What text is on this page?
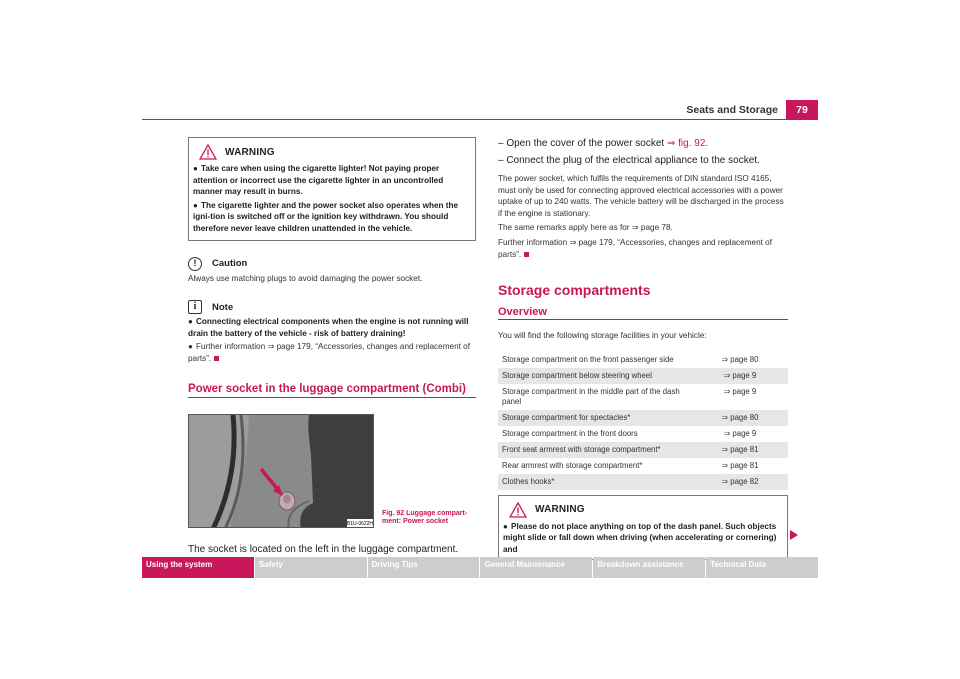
Seats and Storage	79
WARNING
● Take care when using the cigarette lighter! Not paying proper attention or incorrect use the cigarette lighter in an uncontrolled manner may result in burns.
● The cigarette lighter and the power socket also operates when the igni-tion is switched off or the ignition key withdrawn. You should therefore never leave children unattended in the vehicle.
!	Caution
Always use matching plugs to avoid damaging the power socket.
i	Note
● Connecting electrical components when the engine is not running will drain the battery of the vehicle - risk of battery draining!
● Further information ⇒ page 179, “Accessories, changes and replacement of parts”.
Power socket in the luggage compartment (Combi)
B1U-0622H
Fig. 92 Luggage compart-
ment: Power socket
The socket is located on the left in the luggage compartment.
– Open the cover of the power socket ⇒ fig. 92.
– Connect the plug of the electrical appliance to the socket.
The power socket, which fulfils the requirements of DIN standard ISO 4165, must only be used for connecting approved electrical accessories with a power uptake of up to 240 watts. The vehicle battery will be discharged in the process if the engine is stationary.
The same remarks apply here as for ⇒ page 78.
Further information ⇒ page 179, “Accessories, changes and replacement of parts”.
Storage compartments
Overview
You will find the following storage facilities in your vehicle:
Storage compartment on the front passenger side	⇒ page 80
Storage compartment below steering wheel	⇒ page 9
Storage compartment in the middle part of the dash panel	⇒ page 9
Storage compartment for spectacles*	⇒ page 80
Storage compartment in the front doors	⇒ page 9
Front seat armrest with storage compartment*	⇒ page 81
Rear armrest with storage compartment*	⇒ page 81
Clothes hooks*	⇒ page 82
WARNING
● Please do not place anything on top of the dash panel. Such objects might slide or fall down when driving (when accelerating or cornering) and
Using the system	Safety	Driving Tips	General Maintenance	Breakdown assistance	Technical Data
